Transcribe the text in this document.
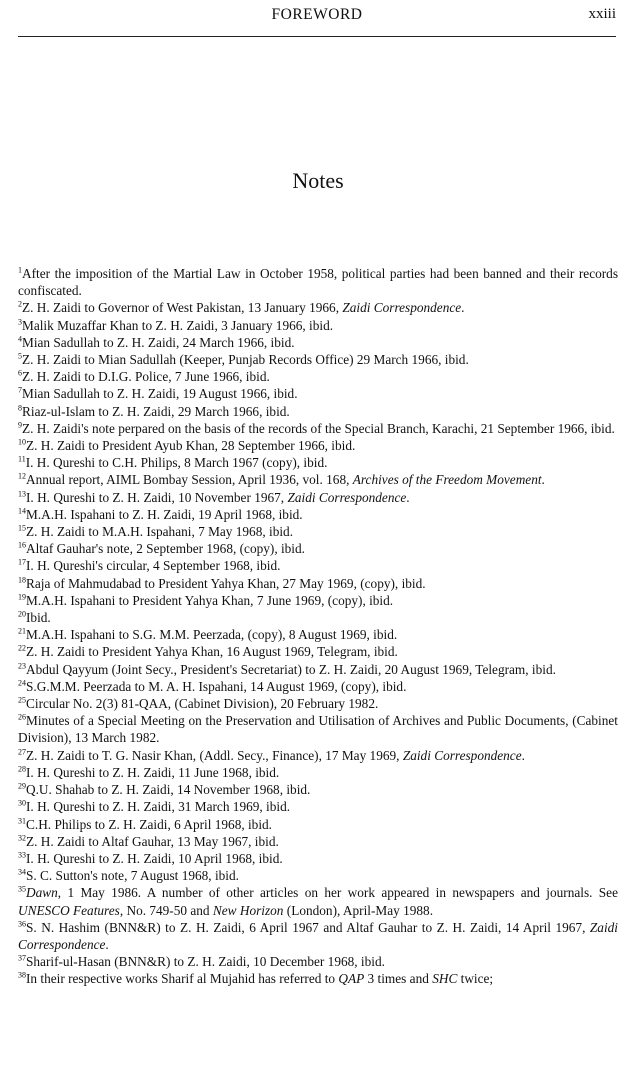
FOREWORD	xxiii
Notes
$^1$After the imposition of the Martial Law in October 1958, political parties had been banned and their records confiscated.
$^2$Z. H. Zaidi to Governor of West Pakistan, 13 January 1966, Zaidi Correspondence.
$^3$Malik Muzaffar Khan to Z. H. Zaidi, 3 January 1966, ibid.
$^4$Mian Sadullah to Z. H. Zaidi, 24 March 1966, ibid.
$^5$Z. H. Zaidi to Mian Sadullah (Keeper, Punjab Records Office) 29 March 1966, ibid.
$^6$Z. H. Zaidi to D.I.G. Police, 7 June 1966, ibid.
$^7$Mian Sadullah to Z. H. Zaidi, 19 August 1966, ibid.
$^8$Riaz-ul-Islam to Z. H. Zaidi, 29 March 1966, ibid.
$^9$Z. H. Zaidi's note perpared on the basis of the records of the Special Branch, Karachi, 21 September 1966, ibid.
$^{10}$Z. H. Zaidi to President Ayub Khan, 28 September 1966, ibid.
$^{11}$I. H. Qureshi to C.H. Philips, 8 March 1967 (copy), ibid.
$^{12}$Annual report, AIML Bombay Session, April 1936, vol. 168, Archives of the Freedom Movement.
$^{13}$I. H. Qureshi to Z. H. Zaidi, 10 November 1967, Zaidi Correspondence.
$^{14}$M.A.H. Ispahani to Z. H. Zaidi, 19 April 1968, ibid.
$^{15}$Z. H. Zaidi to M.A.H. Ispahani, 7 May 1968, ibid.
$^{16}$Altaf Gauhar's note, 2 September 1968, (copy), ibid.
$^{17}$I. H. Qureshi's circular, 4 September 1968, ibid.
$^{18}$Raja of Mahmudabad to President Yahya Khan, 27 May 1969, (copy), ibid.
$^{19}$M.A.H. Ispahani to President Yahya Khan, 7 June 1969, (copy), ibid.
$^{20}$Ibid.
$^{21}$M.A.H. Ispahani to S.G. M.M. Peerzada, (copy), 8 August 1969, ibid.
$^{22}$Z. H. Zaidi to President Yahya Khan, 16 August 1969, Telegram, ibid.
$^{23}$Abdul Qayyum (Joint Secy., President's Secretariat) to Z. H. Zaidi, 20 August 1969, Telegram, ibid.
$^{24}$S.G.M.M. Peerzada to M. A. H. Ispahani, 14 August 1969, (copy), ibid.
$^{25}$Circular No. 2(3) 81-QAA, (Cabinet Division), 20 February 1982.
$^{26}$Minutes of a Special Meeting on the Preservation and Utilisation of Archives and Public Documents, (Cabinet Division), 13 March 1982.
$^{27}$Z. H. Zaidi to T. G. Nasir Khan, (Addl. Secy., Finance), 17 May 1969, Zaidi Correspondence.
$^{28}$I. H. Qureshi to Z. H. Zaidi, 11 June 1968, ibid.
$^{29}$Q.U. Shahab to Z. H. Zaidi, 14 November 1968, ibid.
$^{30}$I. H. Qureshi to Z. H. Zaidi, 31 March 1969, ibid.
$^{31}$C.H. Philips to Z. H. Zaidi, 6 April 1968, ibid.
$^{32}$Z. H. Zaidi to Altaf Gauhar, 13 May 1967, ibid.
$^{33}$I. H. Qureshi to Z. H. Zaidi, 10 April 1968, ibid.
$^{34}$S. C. Sutton's note, 7 August 1968, ibid.
$^{35}$Dawn, 1 May 1986. A number of other articles on her work appeared in newspapers and journals. See UNESCO Features, No. 749-50 and New Horizon (London), April-May 1988.
$^{36}$S. N. Hashim (BNN&R) to Z. H. Zaidi, 6 April 1967 and Altaf Gauhar to Z. H. Zaidi, 14 April 1967, Zaidi Correspondence.
$^{37}$Sharif-ul-Hasan (BNN&R) to Z. H. Zaidi, 10 December 1968, ibid.
$^{38}$In their respective works Sharif al Mujahid has referred to QAP 3 times and SHC twice;
